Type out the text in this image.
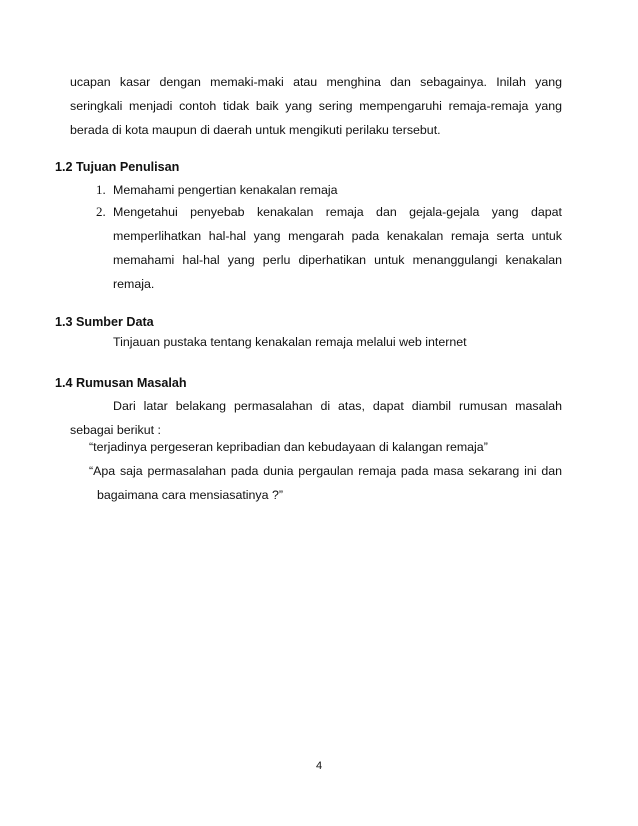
ucapan kasar dengan memaki-maki atau menghina dan sebagainya. Inilah yang
seringkali menjadi contoh tidak baik yang sering mempengaruhi remaja-remaja yang
berada di kota maupun di daerah untuk mengikuti perilaku tersebut.
1.2 Tujuan Penulisan
1. Memahami pengertian kenakalan remaja
2. Mengetahui penyebab kenakalan remaja dan gejala-gejala yang dapat
memperlihatkan hal-hal yang mengarah pada kenakalan remaja serta untuk
memahami hal-hal yang perlu diperhatikan untuk menanggulangi kenakalan
remaja.
1.3 Sumber Data
Tinjauan pustaka tentang kenakalan remaja melalui web internet
1.4 Rumusan Masalah
Dari latar belakang permasalahan di atas, dapat diambil rumusan masalah
sebagai berikut :
“terjadinya pergeseran kepribadian dan kebudayaan di kalangan remaja”
“Apa saja permasalahan pada dunia pergaulan remaja pada masa sekarang ini dan
bagaimana cara mensiasatinya ?”
4
